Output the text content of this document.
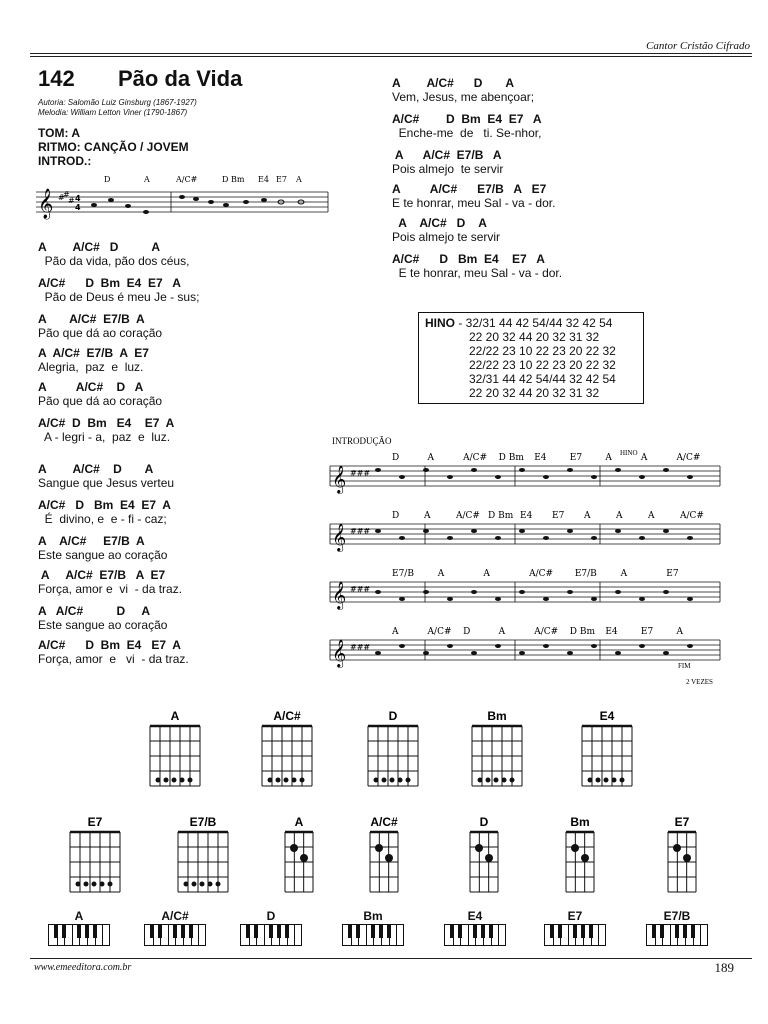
Cantor Cristão Cifrado
142 Pão da Vida
Autoria: Salomão Luiz Ginsburg (1867-1927)
Melodia: William Letton Viner (1790-1867)
TOM: A
RITMO: CANÇÃO / JOVEM
INTROD.:
𝄞 #
#
# 4
4
D	A	A/C#	D Bm E4 E7 A
A        A/C#   D          A
Pão da vida, pão dos céus,
A/C#      D  Bm  E4  E7   A
Pão de Deus é meu Je - sus;
A       A/C#  E7/B  A
Pão que dá ao coração
A  A/C#  E7/B  A  E7
Alegria,  paz  e  luz.
A         A/C#    D   A
Pão que dá ao coração
A/C#  D  Bm   E4    E7  A
A - legri - a,  paz  e  luz.
A        A/C#    D       A
Sangue que Jesus verteu
A/C#   D   Bm  E4  E7  A
É  divino, e  e - fi - caz;
A    A/C#     E7/B  A
Este sangue ao coração
A     A/C#  E7/B   A  E7
Força, amor e  vi  - da traz.
A   A/C#          D     A
Este sangue ao coração
A/C#      D  Bm  E4   E7  A
Força, amor  e   vi  - da traz.
A        A/C#      D       A
Vem, Jesus, me abençoar;
A/C#        D  Bm  E4  E7   A
Enche-me  de   ti. Se-nhor,
A      A/C#  E7/B   A
Pois almejo  te servir
A         A/C#      E7/B   A   E7
E te honrar, meu Sal - va - dor.
A    A/C#   D    A
Pois almejo te servir
A/C#      D   Bm  E4    E7   A
E te honrar, meu Sal - va - dor.
HINO - 32/31 44 42 54/44 32 42 54
22 20 32 44 20 32 31 32
22/22 23 10 22 23 20 22 32
22/22 23 10 22 23 20 22 32
32/31 44 42 54/44 32 42 54
22 20 32 44 20 32 31 32
INTRODUÇÃO
HINO
FIM
2 VEZES
𝄞 ###
D	A	A/C# D Bm E4	E7	A	A	A/C#
𝄞 ###
D	A	A/C# D Bm E4 E7 A	A	A	A/C#
𝄞 ###
E7/B	A	A	A/C# E7/B	A	E7
𝄞 ###
A	A/C# D	A	A/C# D Bm E4	E7	A
A	A/C#	D	Bm	E4
E7	E7/B	A	A/C#	D	Bm	E7
A	A/C#	D	Bm	E4	E7	E7/B
www.emeeditora.com.br	189
